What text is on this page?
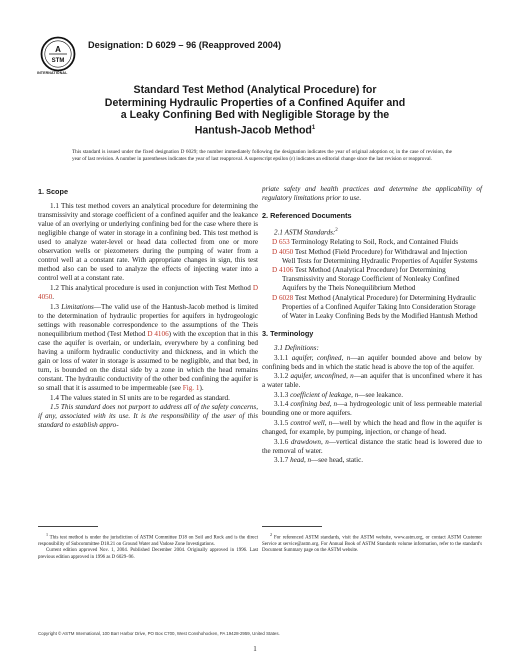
A
STM
INTERNATIONAL
Designation: D 6029 – 96 (Reapproved 2004)
Standard Test Method (Analytical Procedure) for
Determining Hydraulic Properties of a Confined Aquifer and
a Leaky Confining Bed with Negligible Storage by the
Hantush-Jacob Method$^1$
This standard is issued under the fixed designation D 6029; the number immediately following the designation indicates the year of original adoption or, in the case of revision, the year of last revision. A number in parentheses indicates the year of last reapproval. A superscript epsilon (ε) indicates an editorial change since the last revision or reapproval.
1. Scope
1.1 This test method covers an analytical procedure for determining the transmissivity and storage coefficient of a confined aquifer and the leakance value of an overlying or underlying confining bed for the case where there is negligible change of water in storage in a confining bed. This test method is used to analyze water-level or head data collected from one or more observation wells or piezometers during the pumping of water from a control well at a constant rate. With appropriate changes in sign, this test method also can be used to analyze the effects of injecting water into a control well at a constant rate.
1.2 This analytical procedure is used in conjunction with Test Method D 4050.
1.3 Limitations—The valid use of the Hantush-Jacob method is limited to the determination of hydraulic properties for aquifers in hydrogeologic settings with reasonable correspondence to the assumptions of the Theis nonequilibrium method (Test Method D 4106) with the exception that in this case the aquifer is overlain, or underlain, everywhere by a confining bed having a uniform hydraulic conductivity and thickness, and in which the gain or loss of water in storage is assumed to be negligible, and that bed, in turn, is bounded on the distal side by a zone in which the head remains constant. The hydraulic conductivity of the other bed confining the aquifer is so small that it is assumed to be impermeable (see Fig. 1).
1.4 The values stated in SI units are to be regarded as standard.
1.5 This standard does not purport to address all of the safety concerns, if any, associated with its use. It is the responsibility of the user of this standard to establish appro-
priate safety and health practices and determine the applicability of regulatory limitations prior to use.
2. Referenced Documents
2.1 ASTM Standards:$^2$
D 653 Terminology Relating to Soil, Rock, and Contained Fluids
D 4050 Test Method (Field Procedure) for Withdrawal and Injection Well Tests for Determining Hydraulic Properties of Aquifer Systems
D 4106 Test Method (Analytical Procedure) for Determining Transmissivity and Storage Coefficient of Nonleaky Confined Aquifers by the Theis Nonequilibrium Method
D 6028 Test Method (Analytical Procedure) for Determining Hydraulic Properties of a Confined Aquifer Taking Into Consideration Storage of Water in Leaky Confining Beds by the Modified Hantush Method
3. Terminology
3.1 Definitions:
3.1.1 aquifer, confined, n—an aquifer bounded above and below by confining beds and in which the static head is above the top of the aquifer.
3.1.2 aquifer, unconfined, n—an aquifer that is unconfined where it has a water table.
3.1.3 coefficient of leakage, n—see leakance.
3.1.4 confining bed, n—a hydrogeologic unit of less permeable material bounding one or more aquifers.
3.1.5 control well, n—well by which the head and flow in the aquifer is changed, for example, by pumping, injection, or change of head.
3.1.6 drawdown, n—vertical distance the static head is lowered due to the removal of water.
3.1.7 head, n—see head, static.

$^1$ This test method is under the jurisdiction of ASTM Committee D18 on Soil and Rock and is the direct responsibility of Subcommittee D18.21 on Ground Water and Vadose Zone Investigations.

Current edition approved Nov. 1, 2004. Published December 2004. Originally approved in 1996. Last previous edition approved in 1996 as D 6029–96.

$^2$ For referenced ASTM standards, visit the ASTM website, www.astm.org, or contact ASTM Customer Service at service@astm.org. For Annual Book of ASTM Standards volume information, refer to the standard's Document Summary page on the ASTM website.

Copyright © ASTM International, 100 Barr Harbor Drive, PO Box C700, West Conshohocken, PA 19428-2959, United States.
1
